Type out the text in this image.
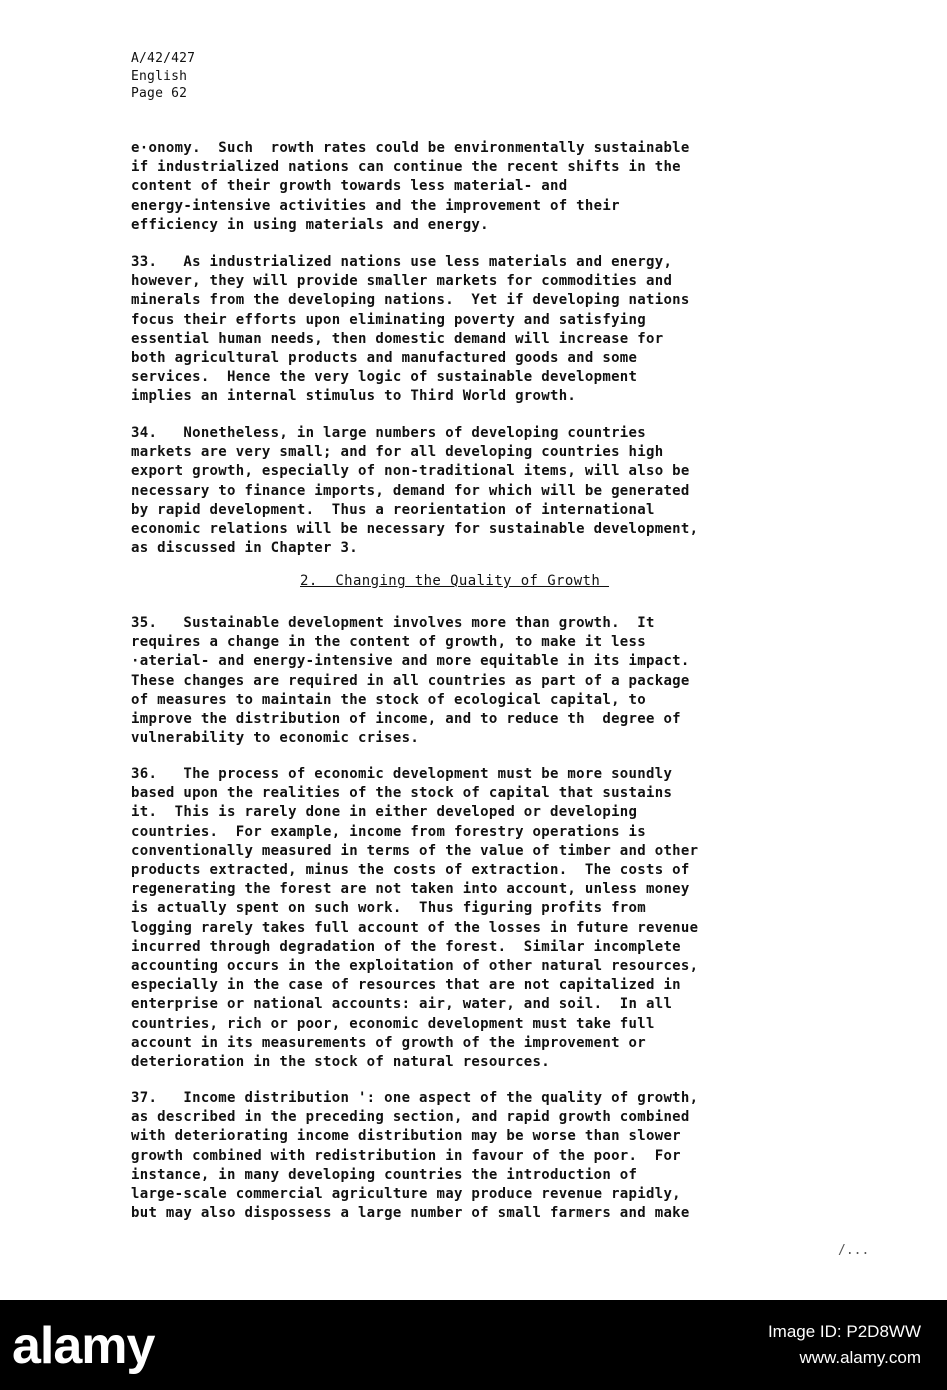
A/42/427
English
Page 62
e·onomy.  Such  rowth rates could be environmentally sustainable
if industrialized nations can continue the recent shifts in the
content of their growth towards less material- and
energy-intensive activities and the improvement of their
efficiency in using materials and energy.
33.   As industrialized nations use less materials and energy,
however, they will provide smaller markets for commodities and
minerals from the developing nations.  Yet if developing nations
focus their efforts upon eliminating poverty and satisfying
essential human needs, then domestic demand will increase for
both agricultural products and manufactured goods and some
services.  Hence the very logic of sustainable development
implies an internal stimulus to Third World growth.
34.   Nonetheless, in large numbers of developing countries
markets are very small; and for all developing countries high
export growth, especially of non-traditional items, will also be
necessary to finance imports, demand for which will be generated
by rapid development.  Thus a reorientation of international
economic relations will be necessary for sustainable development,
as discussed in Chapter 3.
2.  Changing the Quality of Growth
35.   Sustainable development involves more than growth.  It
requires a change in the content of growth, to make it less
·aterial- and energy-intensive and more equitable in its impact.
These changes are required in all countries as part of a package
of measures to maintain the stock of ecological capital, to
improve the distribution of income, and to reduce th  degree of
vulnerability to economic crises.
36.   The process of economic development must be more soundly
based upon the realities of the stock of capital that sustains
it.  This is rarely done in either developed or developing
countries.  For example, income from forestry operations is
conventionally measured in terms of the value of timber and other
products extracted, minus the costs of extraction.  The costs of
regenerating the forest are not taken into account, unless money
is actually spent on such work.  Thus figuring profits from
logging rarely takes full account of the losses in future revenue
incurred through degradation of the forest.  Similar incomplete
accounting occurs in the exploitation of other natural resources,
especially in the case of resources that are not capitalized in
enterprise or national accounts: air, water, and soil.  In all
countries, rich or poor, economic development must take full
account in its measurements of growth of the improvement or
deterioration in the stock of natural resources.
37.   Income distribution ': one aspect of the quality of growth,
as described in the preceding section, and rapid growth combined
with deteriorating income distribution may be worse than slower
growth combined with redistribution in favour of the poor.  For
instance, in many developing countries the introduction of
large-scale commercial agriculture may produce revenue rapidly,
but may also dispossess a large number of small farmers and make
/...
alamy	Image ID: P2D8WW
www.alamy.com
